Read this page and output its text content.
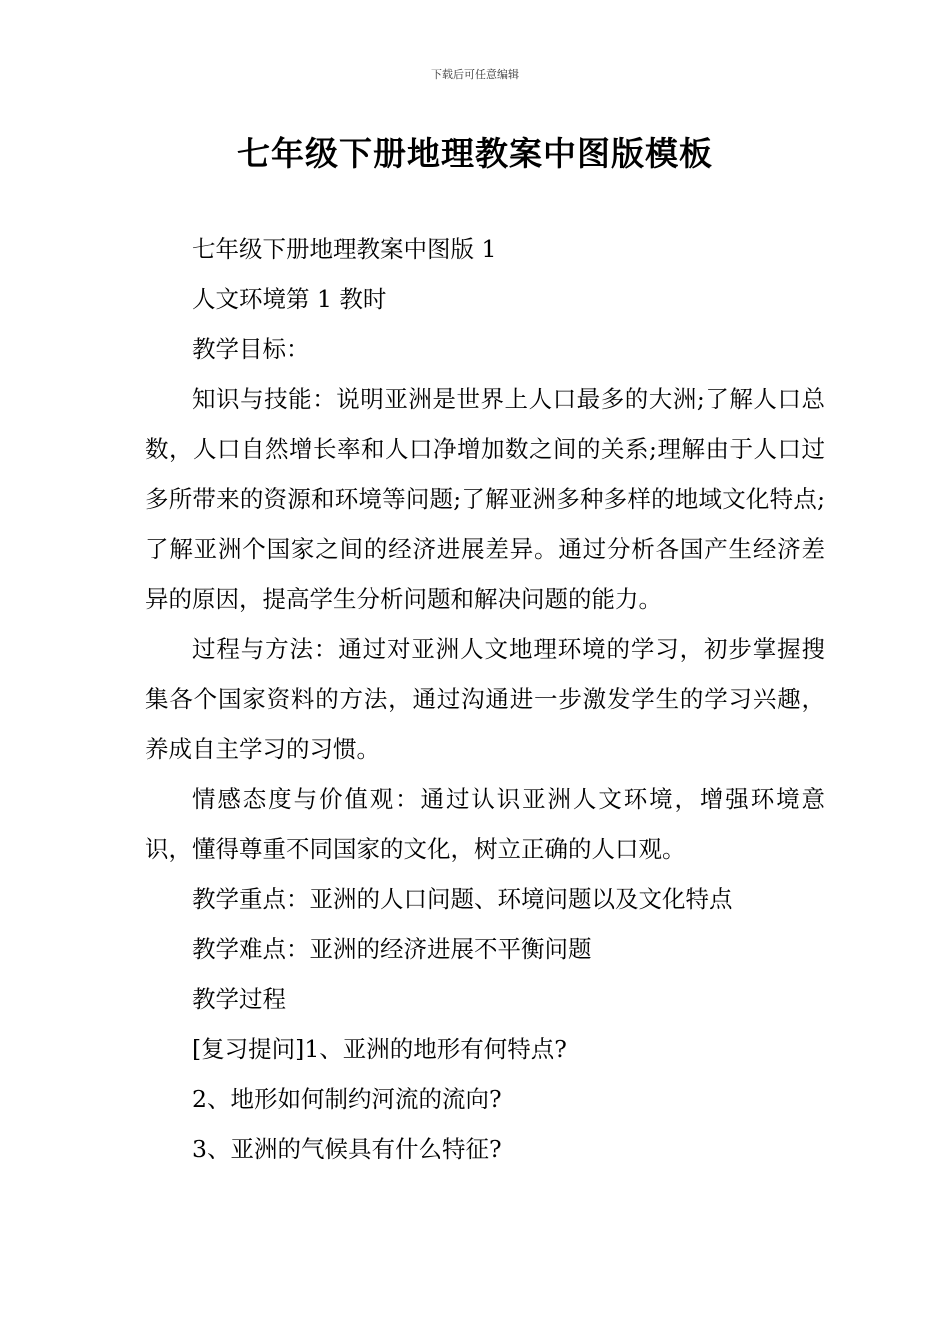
下载后可任意编辑
七年级下册地理教案中图版模板

七年级下册地理教案中图版 1

人文环境第 1 教时

教学目标：

知识与技能：说明亚洲是世界上人口最多的大洲;了解人口总数，人口自然增长率和人口净增加数之间的关系;理解由于人口过多所带来的资源和环境等问题;了解亚洲多种多样的地域文化特点;了解亚洲个国家之间的经济进展差异。通过分析各国产生经济差异的原因，提高学生分析问题和解决问题的能力。

过程与方法：通过对亚洲人文地理环境的学习，初步掌握搜集各个国家资料的方法，通过沟通进一步激发学生的学习兴趣，养成自主学习的习惯。

情感态度与价值观：通过认识亚洲人文环境，增强环境意识，懂得尊重不同国家的文化，树立正确的人口观。

教学重点：亚洲的人口问题、环境问题以及文化特点

教学难点：亚洲的经济进展不平衡问题

教学过程

[复习提问]1、亚洲的地形有何特点?

2、地形如何制约河流的流向?

3、亚洲的气候具有什么特征?
